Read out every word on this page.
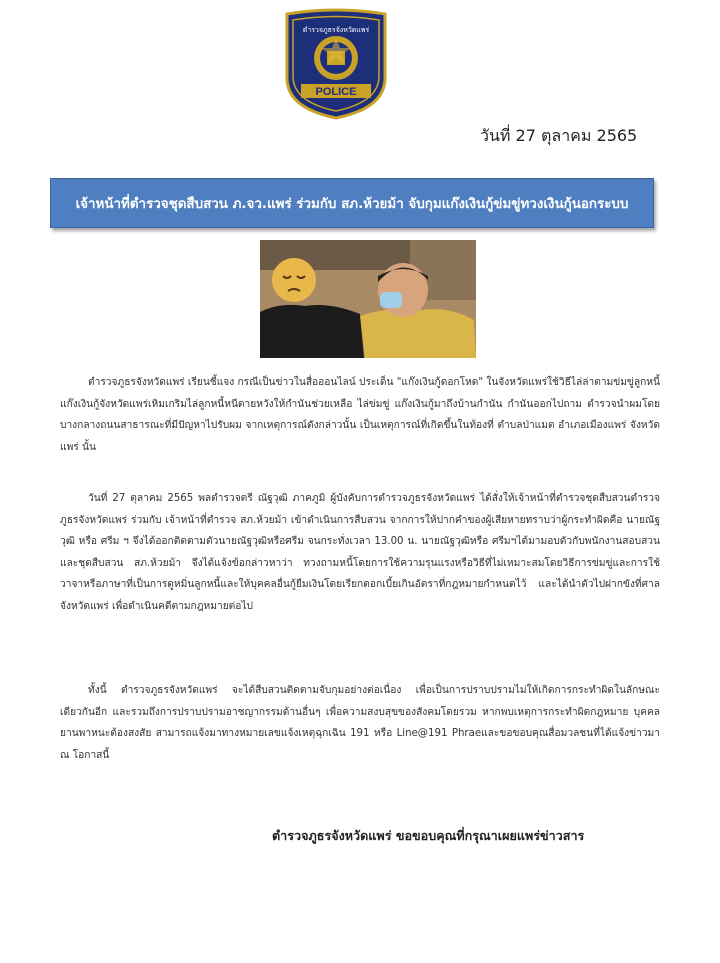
POLICE
ตำรวจภูธรจังหวัดแพร่
วันที่ 27 ตุลาคม 2565
เจ้าหน้าที่ตำรวจชุดสืบสวน ภ.จว.แพร่ ร่วมกับ สภ.ห้วยม้า จับกุมแก๊งเงินกู้ข่มขู่ทวงเงินกู้นอกระบบ
ตำรวจภูธรจังหวัดแพร่ เรียนชี้แจง กรณีเป็นข่าวในสื่อออนไลน์ ประเด็น "แก๊งเงินกู้ดอกโหด" ในจังหวัดแพร่ใช้วิธีไล่ล่าตามข่มขู่ลูกหนี้ แก๊งเงินกู้จังหวัดแพร่เหิมเกริมไล่ลูกหนี้หนีตายหวังให้กำนันช่วยเหลือ ไล่ข่มขู่ แก๊งเงินกู้มาถึงบ้านกำนัน กำนันออกไปถาม ตำรวจนำผมโดยบางกลางถนนสาธารณะที่มีปัญหาไปรับผม จากเหตุการณ์ดังกล่าวนั้น เป็นเหตุการณ์ที่เกิดขึ้นในท้องที่ ตำบลป่าแมต อำเภอเมืองแพร่ จังหวัดแพร่ นั้น
วันที่ 27 ตุลาคม 2565 พลตำรวจตรี ณัฐวุฒิ ภาคภูมิ ผู้บังคับการตำรวจภูธรจังหวัดแพร่ ได้สั่งให้เจ้าหน้าที่ตำรวจชุดสืบสวนตำรวจภูธรจังหวัดแพร่ ร่วมกับ เจ้าหน้าที่ตำรวจ สภ.ห้วยม้า เข้าดำเนินการสืบสวน จากการให้ปากคำของผู้เสียหายทราบว่าผู้กระทำผิดคือ นายณัฐวุฒิ หรือ ศรีม ฯ จึงได้ออกติดตามตัวนายณัฐวุฒิหรือศรีม จนกระทั่งเวลา 13.00 น. นายณัฐวุฒิหรือ ศรีมฯได้มามอบตัวกับพนักงานสอบสวน และชุดสืบสวน สภ.ห้วยม้า จึงได้แจ้งข้อกล่าวหาว่า ทวงถามหนี้โดยการใช้ความรุนแรงหรือวิธีที่ไม่เหมาะสมโดยวิธีการข่มขู่และการใช้วาจาหรือภาษาที่เป็นการดูหมิ่นลูกหนี้และให้บุคคลอื่นกู้ยืมเงินโดยเรียกดอกเบี้ยเกินอัตราที่กฎหมายกำหนดไว้ และได้นำตัวไปฝากขังที่ศาลจังหวัดแพร่ เพื่อดำเนินคดีตามกฎหมายต่อไป
ทั้งนี้ ตำรวจภูธรจังหวัดแพร่ จะได้สืบสวนติดตามจับกุมอย่างต่อเนื่อง เพื่อเป็นการปราบปรามไม่ให้เกิดการกระทำผิดในลักษณะเดียวกันอีก และรวมถึงการปราบปรามอาชญากรรมด้านอื่นๆ เพื่อความสงบสุขของสังคมโดยรวม หากพบเหตุการกระทำผิดกฎหมาย บุคคล ยานพาหนะต้องสงสัย สามารถแจ้งมาทางหมายเลขแจ้งเหตุฉุกเฉิน 191 หรือ Line@191 Phraeและขอขอบคุณสื่อมวลชนที่ได้แจ้งข่าวมา ณ โอกาสนี้
ตำรวจภูธรจังหวัดแพร่ ขอขอบคุณที่กรุณาเผยแพร่ข่าวสาร
